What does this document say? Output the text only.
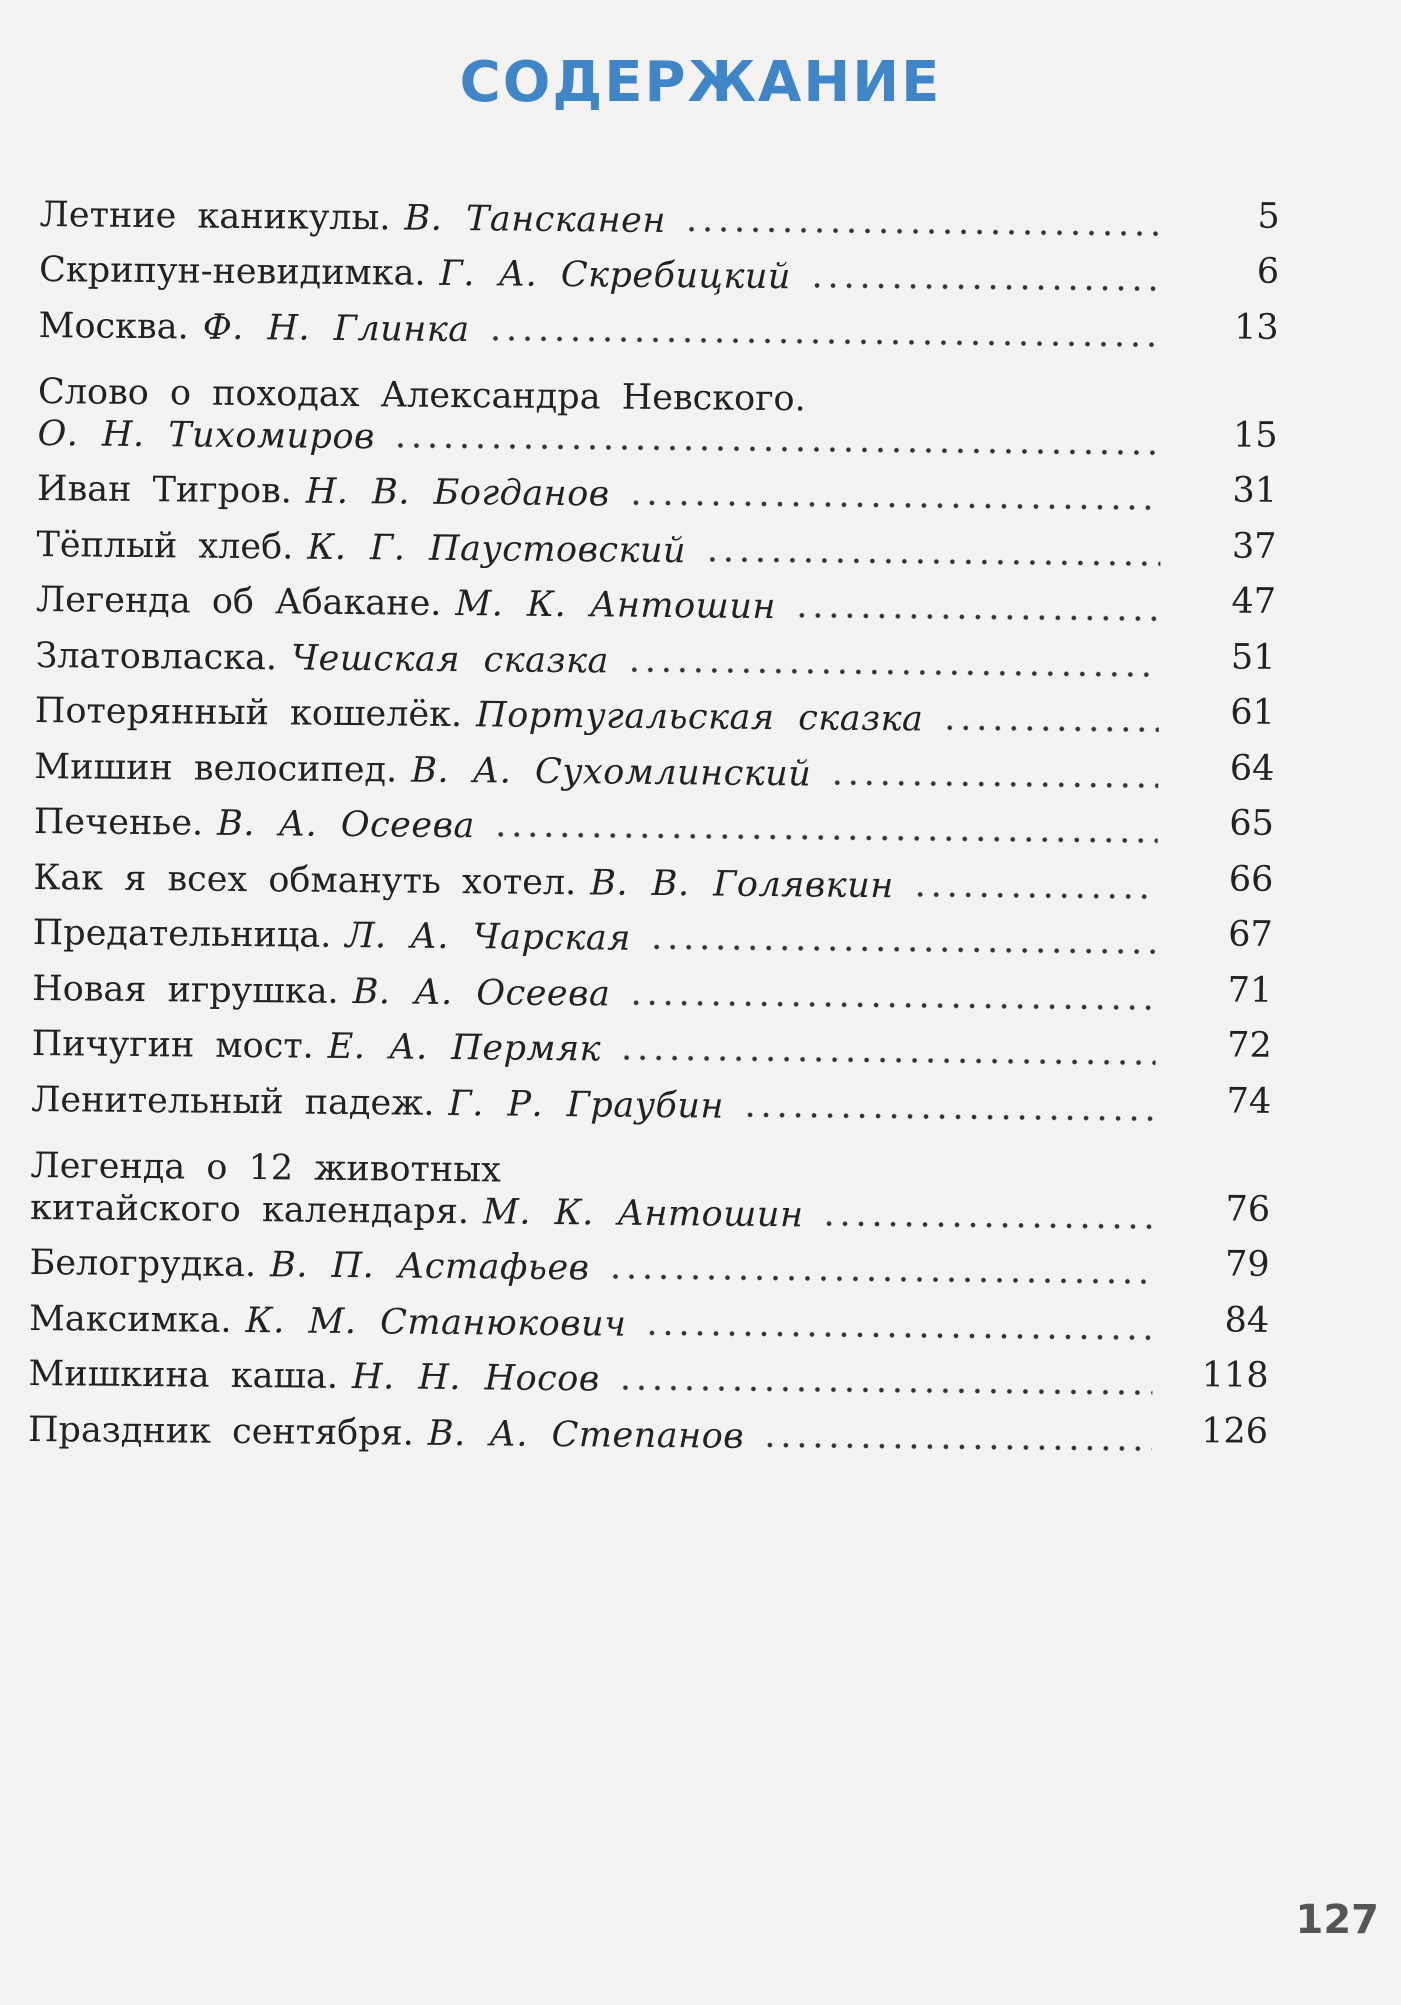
СОДЕРЖАНИЕ
Летние каникулы. В. Тансканен	5
Скрипун-невидимка. Г. А. Скребицкий	6
Москва. Ф. Н. Глинка	13
Слово о походах Александра Невского.
О. Н. Тихомиров	15
Иван Тигров. Н. В. Богданов	31
Тёплый хлеб. К. Г. Паустовский	37
Легенда об Абакане. М. К. Антошин	47
Златовласка. Чешская сказка	51
Потерянный кошелёк. Португальская сказка	61
Мишин велосипед. В. А. Сухомлинский	64
Печенье. В. А. Осеева	65
Как я всех обмануть хотел. В. В. Голявкин	66
Предательница. Л. А. Чарская	67
Новая игрушка. В. А. Осеева	71
Пичугин мост. Е. А. Пермяк	72
Ленительный падеж. Г. Р. Граубин	74
Легенда о 12 животных
китайского календаря. М. К. Антошин	76
Белогрудка. В. П. Астафьев	79
Максимка. К. М. Станюкович	84
Мишкина каша. Н. Н. Носов	118
Праздник сентября. В. А. Степанов	126
127
